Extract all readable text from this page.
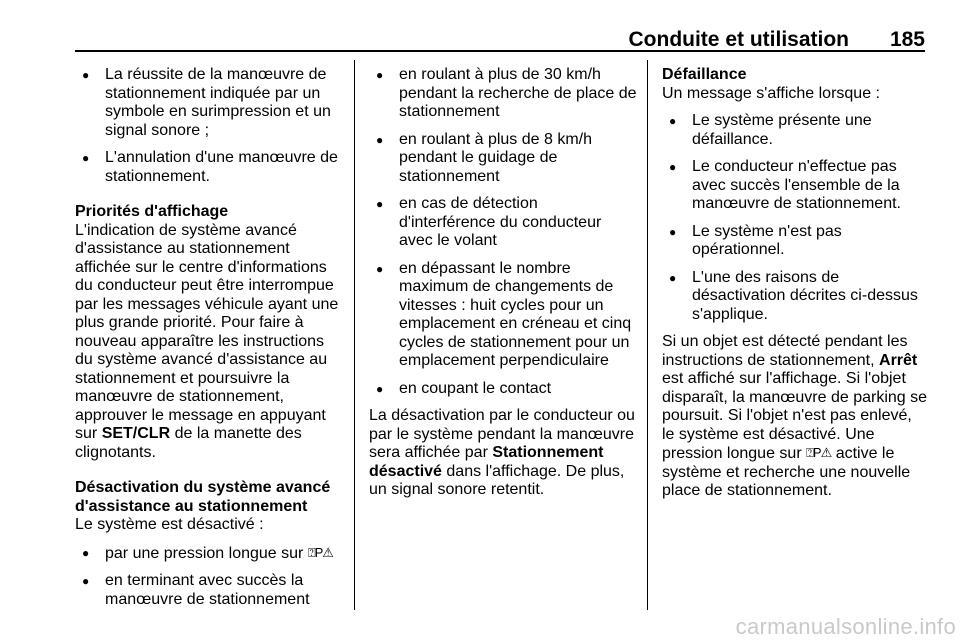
Conduite et utilisation 185
● La réussite de la manœuvre de stationnement indiquée par un symbole en surimpression et un signal sonore ;
● L'annulation d'une manœuvre de stationnement.

Priorités d'affichage

L'indication de système avancé d'assistance au stationnement affichée sur le centre d'informations du conducteur peut être interrompue par les messages véhicule ayant une plus grande priorité. Pour faire à nouveau apparaître les instructions du système avancé d'assistance au stationnement et poursuivre la manœuvre de stationnement, approuver le message en appuyant sur SET/CLR de la manette des clignotants.

Désactivation du système avancé
d'assistance au stationnement

Le système est désactivé :

● par une pression longue sur ⍰P⚠
● en terminant avec succès la manœuvre de stationnement
● en roulant à plus de 30 km/h pendant la recherche de place de stationnement
● en roulant à plus de 8 km/h pendant le guidage de stationnement
● en cas de détection d'interférence du conducteur avec le volant
● en dépassant le nombre maximum de changements de vitesses : huit cycles pour un emplacement en créneau et cinq cycles de stationnement pour un emplacement perpendiculaire
● en coupant le contact

La désactivation par le conducteur ou par le système pendant la manœuvre sera affichée par Stationnement désactivé dans l'affichage. De plus, un signal sonore retentit.

Défaillance

Un message s'affiche lorsque :

● Le système présente une défaillance.
● Le conducteur n'effectue pas avec succès l'ensemble de la manœuvre de stationnement.
● Le système n'est pas opérationnel.
● L'une des raisons de désactivation décrites ci-dessus s'applique.

Si un objet est détecté pendant les instructions de stationnement, Arrêt est affiché sur l'affichage. Si l'objet disparaît, la manœuvre de parking se poursuit. Si l'objet n'est pas enlevé, le système est désactivé. Une pression longue sur ⍰P⚠ active le système et recherche une nouvelle place de stationnement.

carmanualsonline.info
